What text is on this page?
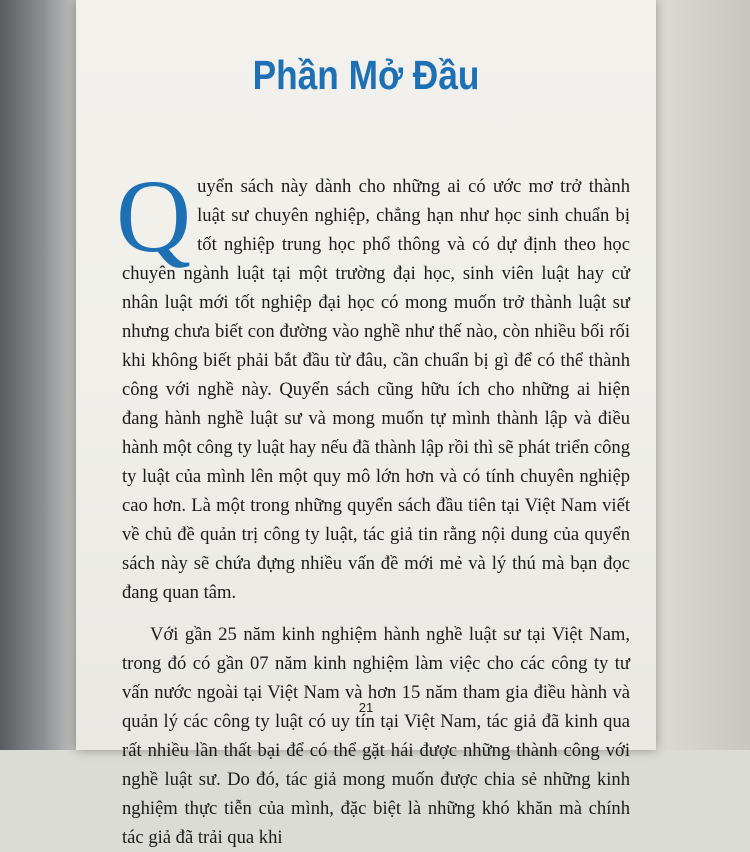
Phần Mở Đầu

Quyển sách này dành cho những ai có ước mơ trở thành luật sư chuyên nghiệp, chẳng hạn như học sinh chuẩn bị tốt nghiệp trung học phổ thông và có dự định theo học chuyên ngành luật tại một trường đại học, sinh viên luật hay cử nhân luật mới tốt nghiệp đại học có mong muốn trở thành luật sư nhưng chưa biết con đường vào nghề như thế nào, còn nhiều bối rối khi không biết phải bắt đầu từ đâu, cần chuẩn bị gì để có thể thành công với nghề này. Quyển sách cũng hữu ích cho những ai hiện đang hành nghề luật sư và mong muốn tự mình thành lập và điều hành một công ty luật hay nếu đã thành lập rồi thì sẽ phát triển công ty luật của mình lên một quy mô lớn hơn và có tính chuyên nghiệp cao hơn. Là một trong những quyển sách đầu tiên tại Việt Nam viết về chủ đề quản trị công ty luật, tác giả tin rằng nội dung của quyển sách này sẽ chứa đựng nhiều vấn đề mới mẻ và lý thú mà bạn đọc đang quan tâm.

Với gần 25 năm kinh nghiệm hành nghề luật sư tại Việt Nam, trong đó có gần 07 năm kinh nghiệm làm việc cho các công ty tư vấn nước ngoài tại Việt Nam và hơn 15 năm tham gia điều hành và quản lý các công ty luật có uy tín tại Việt Nam, tác giả đã kinh qua rất nhiều lần thất bại để có thể gặt hái được những thành công với nghề luật sư. Do đó, tác giả mong muốn được chia sẻ những kinh nghiệm thực tiễn của mình, đặc biệt là những khó khăn mà chính tác giả đã trải qua khi

21
